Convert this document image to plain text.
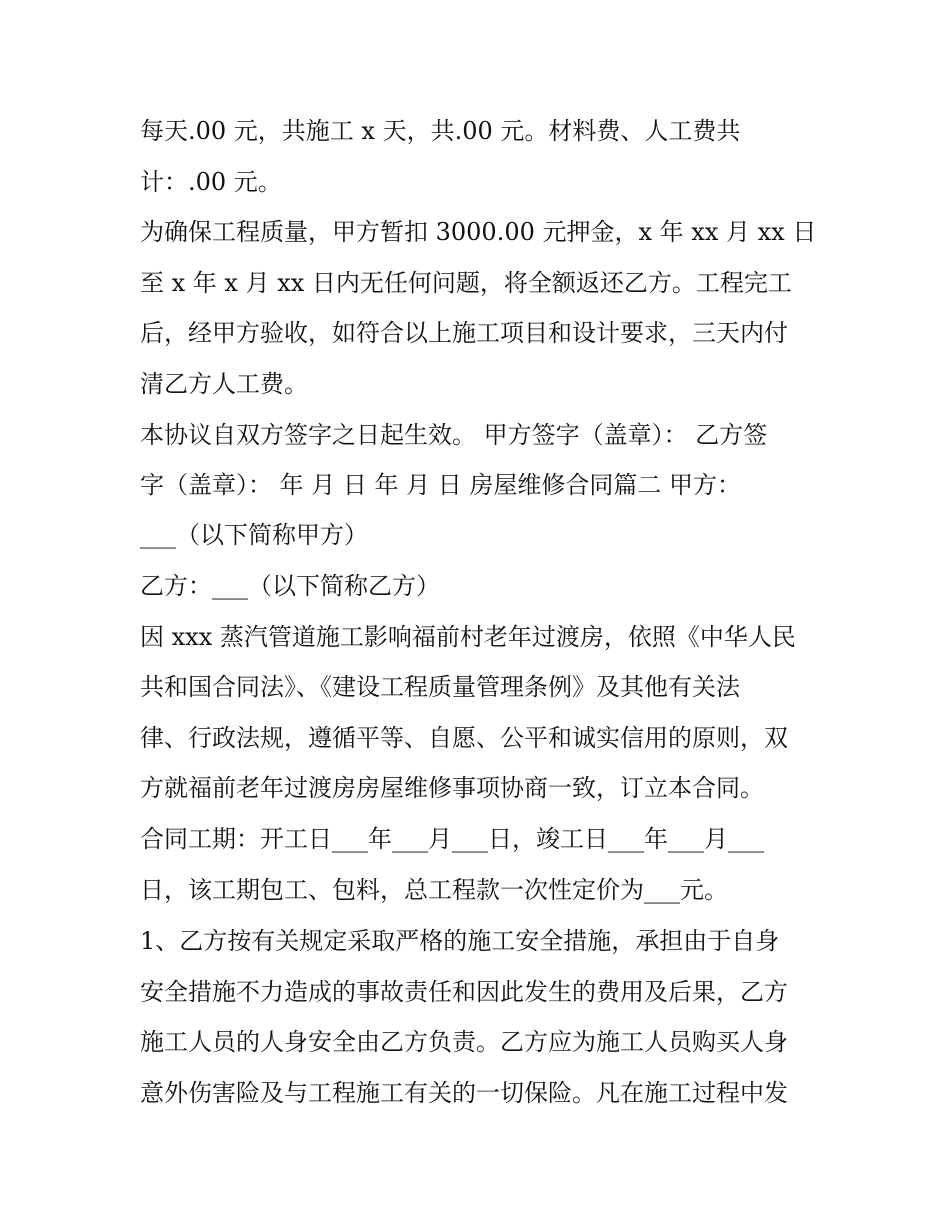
每天.00 元，共施工 x 天，共.00 元。材料费、人工费共
计：.00 元。
为确保工程质量，甲方暂扣 3000.00 元押金，x 年 xx 月 xx 日
至 x 年 x 月 xx 日内无任何问题，将全额返还乙方。工程完工
后，经甲方验收，如符合以上施工项目和设计要求，三天内付
清乙方人工费。
本协议自双方签字之日起生效。 甲方签字（盖章）： 乙方签
字（盖章）： 年 月 日 年 月 日 房屋维修合同篇二 甲方：
___（以下简称甲方）
乙方：___（以下简称乙方）
因 xxx 蒸汽管道施工影响福前村老年过渡房，依照《中华人民
共和国合同法》、《建设工程质量管理条例》及其他有关法
律、行政法规，遵循平等、自愿、公平和诚实信用的原则，双
方就福前老年过渡房房屋维修事项协商一致，订立本合同。
合同工期：开工日___年___月___日，竣工日___年___月___
日，该工期包工、包料，总工程款一次性定价为___元。
1、乙方按有关规定采取严格的施工安全措施，承担由于自身
安全措施不力造成的事故责任和因此发生的费用及后果，乙方
施工人员的人身安全由乙方负责。乙方应为施工人员购买人身
意外伤害险及与工程施工有关的一切保险。凡在施工过程中发
